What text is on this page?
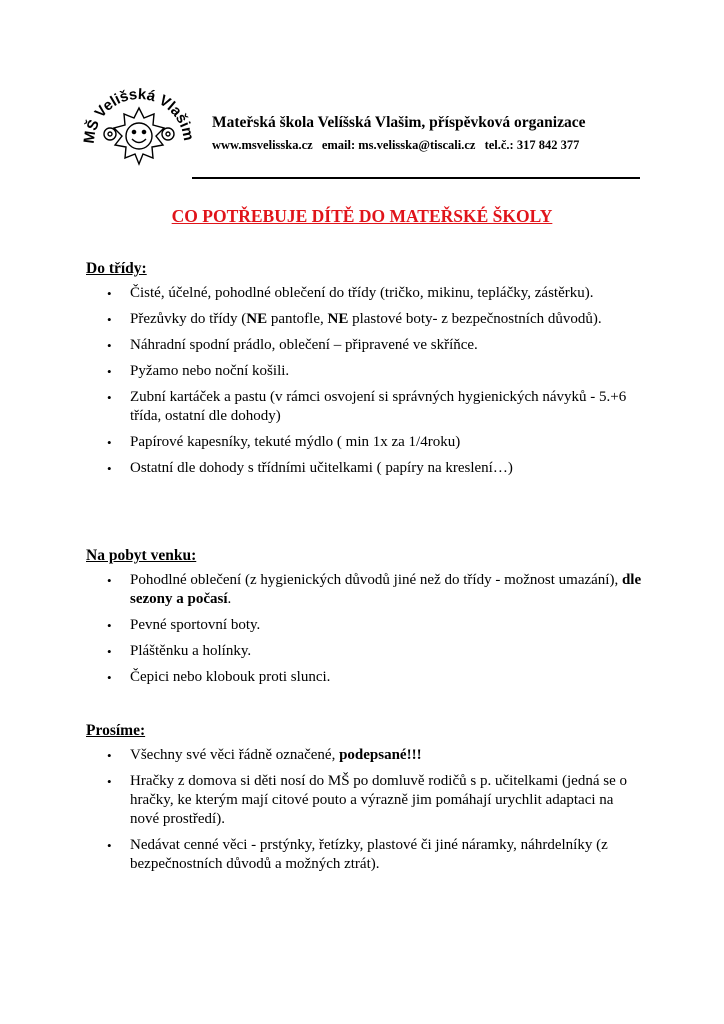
MŠ Velišská Vlašim
Mateřská škola Velíšská Vlašim, příspěvková organizace
www.msvelisska.cz email: ms.velisska@tiscali.cz tel.č.: 317 842 377
CO POTŘEBUJE DÍTĚ DO MATEŘSKÉ ŠKOLY
Do třídy:
• Čisté, účelné, pohodlné oblečení do třídy (tričko, mikinu, tepláčky, zástěrku).
• Přezůvky do třídy (NE pantofle, NE plastové boty- z bezpečnostních důvodů).
• Náhradní spodní prádlo, oblečení – připravené ve skříňce.
• Pyžamo nebo noční košili.
• Zubní kartáček a pastu (v rámci osvojení si správných hygienických návyků - 5.+6 třída, ostatní dle dohody)
• Papírové kapesníky, tekuté mýdlo ( min 1x za 1/4roku)
• Ostatní dle dohody s třídními učitelkami ( papíry na kreslení…)
Na pobyt venku:
• Pohodlné oblečení (z hygienických důvodů jiné než do třídy - možnost umazání), dle sezony a počasí.
• Pevné sportovní boty.
• Pláštěnku a holínky.
• Čepici nebo klobouk proti slunci.
Prosíme:
• Všechny své věci řádně označené, podepsané!!!
• Hračky z domova si děti nosí do MŠ po domluvě rodičů s p. učitelkami (jedná se o hračky, ke kterým mají citové pouto a výrazně jim pomáhají urychlit adaptaci na nové prostředí).
• Nedávat cenné věci - prstýnky, řetízky, plastové či jiné náramky, náhrdelníky (z bezpečnostních důvodů a možných ztrát).
